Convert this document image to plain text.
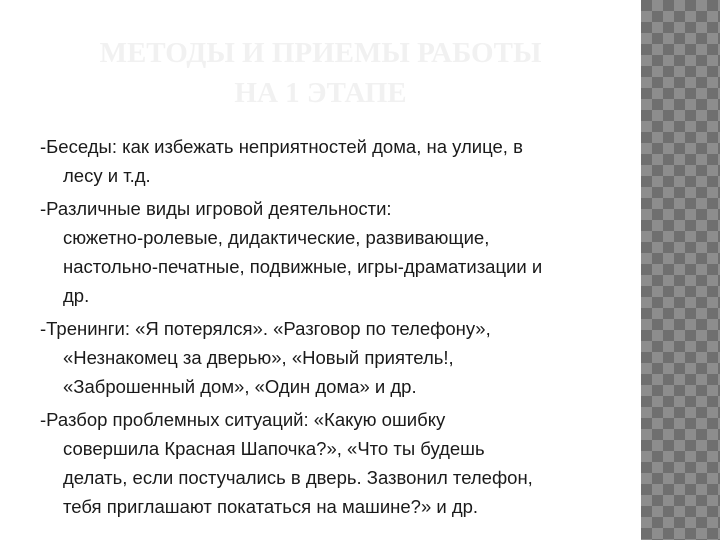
МЕТОДЫ И ПРИЕМЫ РАБОТЫ
НА 1 ЭТАПЕ
-Беседы: как избежать неприятностей дома, на улице, в
лесу и т.д.
-Различные виды игровой деятельности:
сюжетно-ролевые, дидактические, развивающие,
настольно-печатные, подвижные, игры-драматизации и
др.
-Тренинги: «Я потерялся». «Разговор по телефону»,
«Незнакомец за дверью», «Новый приятель!,
«Заброшенный дом», «Один дома» и др.
-Разбор проблемных ситуаций: «Какую ошибку
совершила Красная Шапочка?», «Что ты будешь
делать, если постучались в дверь. Зазвонил телефон,
тебя приглашают покататься на машине?» и др.
